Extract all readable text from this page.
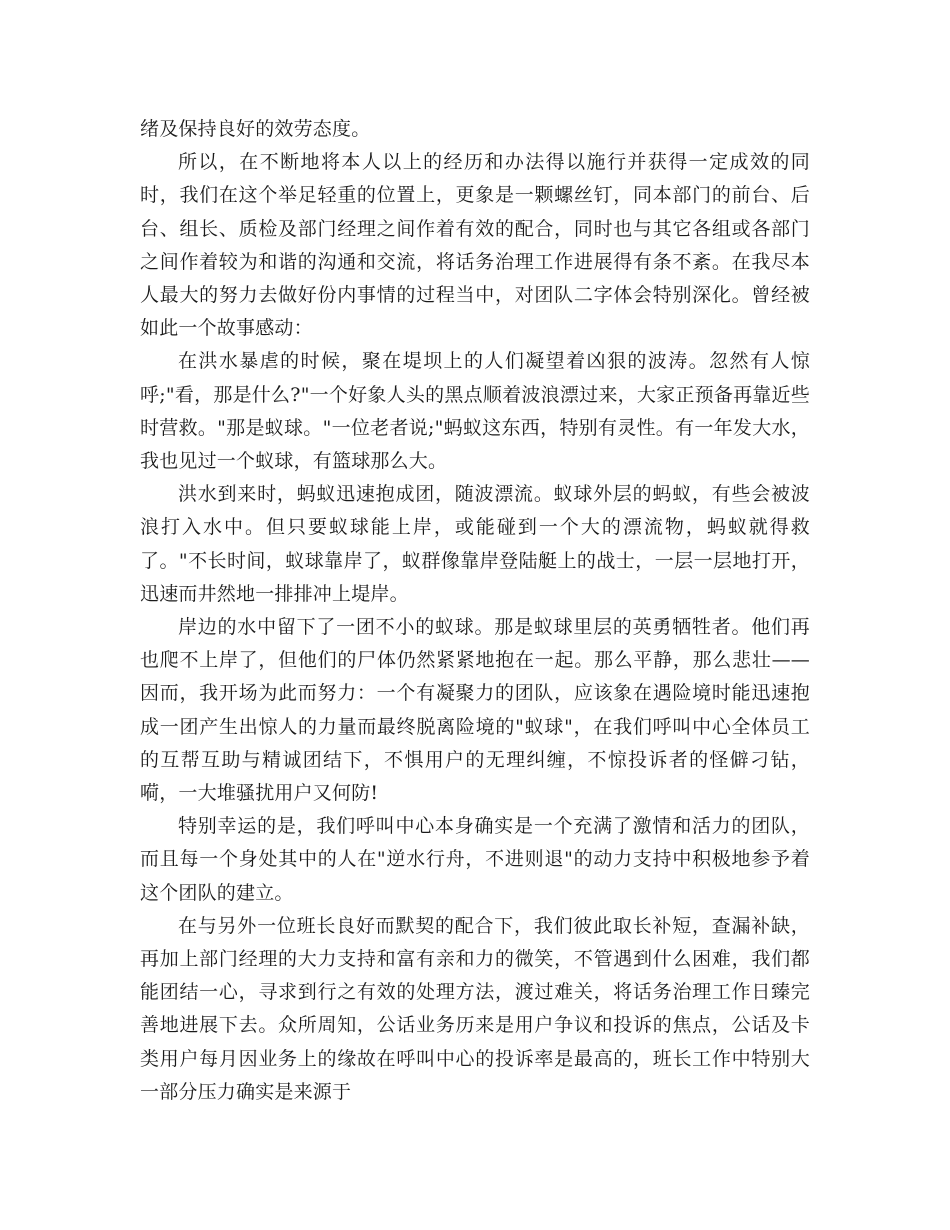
绪及保持良好的效劳态度。

所以，在不断地将本人以上的经历和办法得以施行并获得一定成效的同时，我们在这个举足轻重的位置上，更象是一颗螺丝钉，同本部门的前台、后台、组长、质检及部门经理之间作着有效的配合，同时也与其它各组或各部门之间作着较为和谐的沟通和交流，将话务治理工作进展得有条不紊。在我尽本人最大的努力去做好份内事情的过程当中，对团队二字体会特别深化。曾经被如此一个故事感动：

在洪水暴虐的时候，聚在堤坝上的人们凝望着凶狠的波涛。忽然有人惊呼;"看，那是什么?"一个好象人头的黑点顺着波浪漂过来，大家正预备再靠近些时营救。"那是蚁球。"一位老者说;"蚂蚁这东西，特别有灵性。有一年发大水，我也见过一个蚁球，有篮球那么大。

洪水到来时，蚂蚁迅速抱成团，随波漂流。蚁球外层的蚂蚁，有些会被波浪打入水中。但只要蚁球能上岸，或能碰到一个大的漂流物，蚂蚁就得救了。"不长时间，蚁球靠岸了，蚁群像靠岸登陆艇上的战士，一层一层地打开，迅速而井然地一排排冲上堤岸。

岸边的水中留下了一团不小的蚁球。那是蚁球里层的英勇牺牲者。他们再也爬不上岸了，但他们的尸体仍然紧紧地抱在一起。那么平静，那么悲壮——因而，我开场为此而努力：一个有凝聚力的团队，应该象在遇险境时能迅速抱成一团产生出惊人的力量而最终脱离险境的"蚁球"，在我们呼叫中心全体员工的互帮互助与精诚团结下，不惧用户的无理纠缠，不惊投诉者的怪僻刁钻，嗬，一大堆骚扰用户又何防!

特别幸运的是，我们呼叫中心本身确实是一个充满了激情和活力的团队，而且每一个身处其中的人在"逆水行舟，不进则退"的动力支持中积极地参予着这个团队的建立。

在与另外一位班长良好而默契的配合下，我们彼此取长补短，查漏补缺，再加上部门经理的大力支持和富有亲和力的微笑，不管遇到什么困难，我们都能团结一心，寻求到行之有效的处理方法，渡过难关，将话务治理工作日臻完善地进展下去。众所周知，公话业务历来是用户争议和投诉的焦点，公话及卡类用户每月因业务上的缘故在呼叫中心的投诉率是最高的，班长工作中特别大一部分压力确实是来源于
